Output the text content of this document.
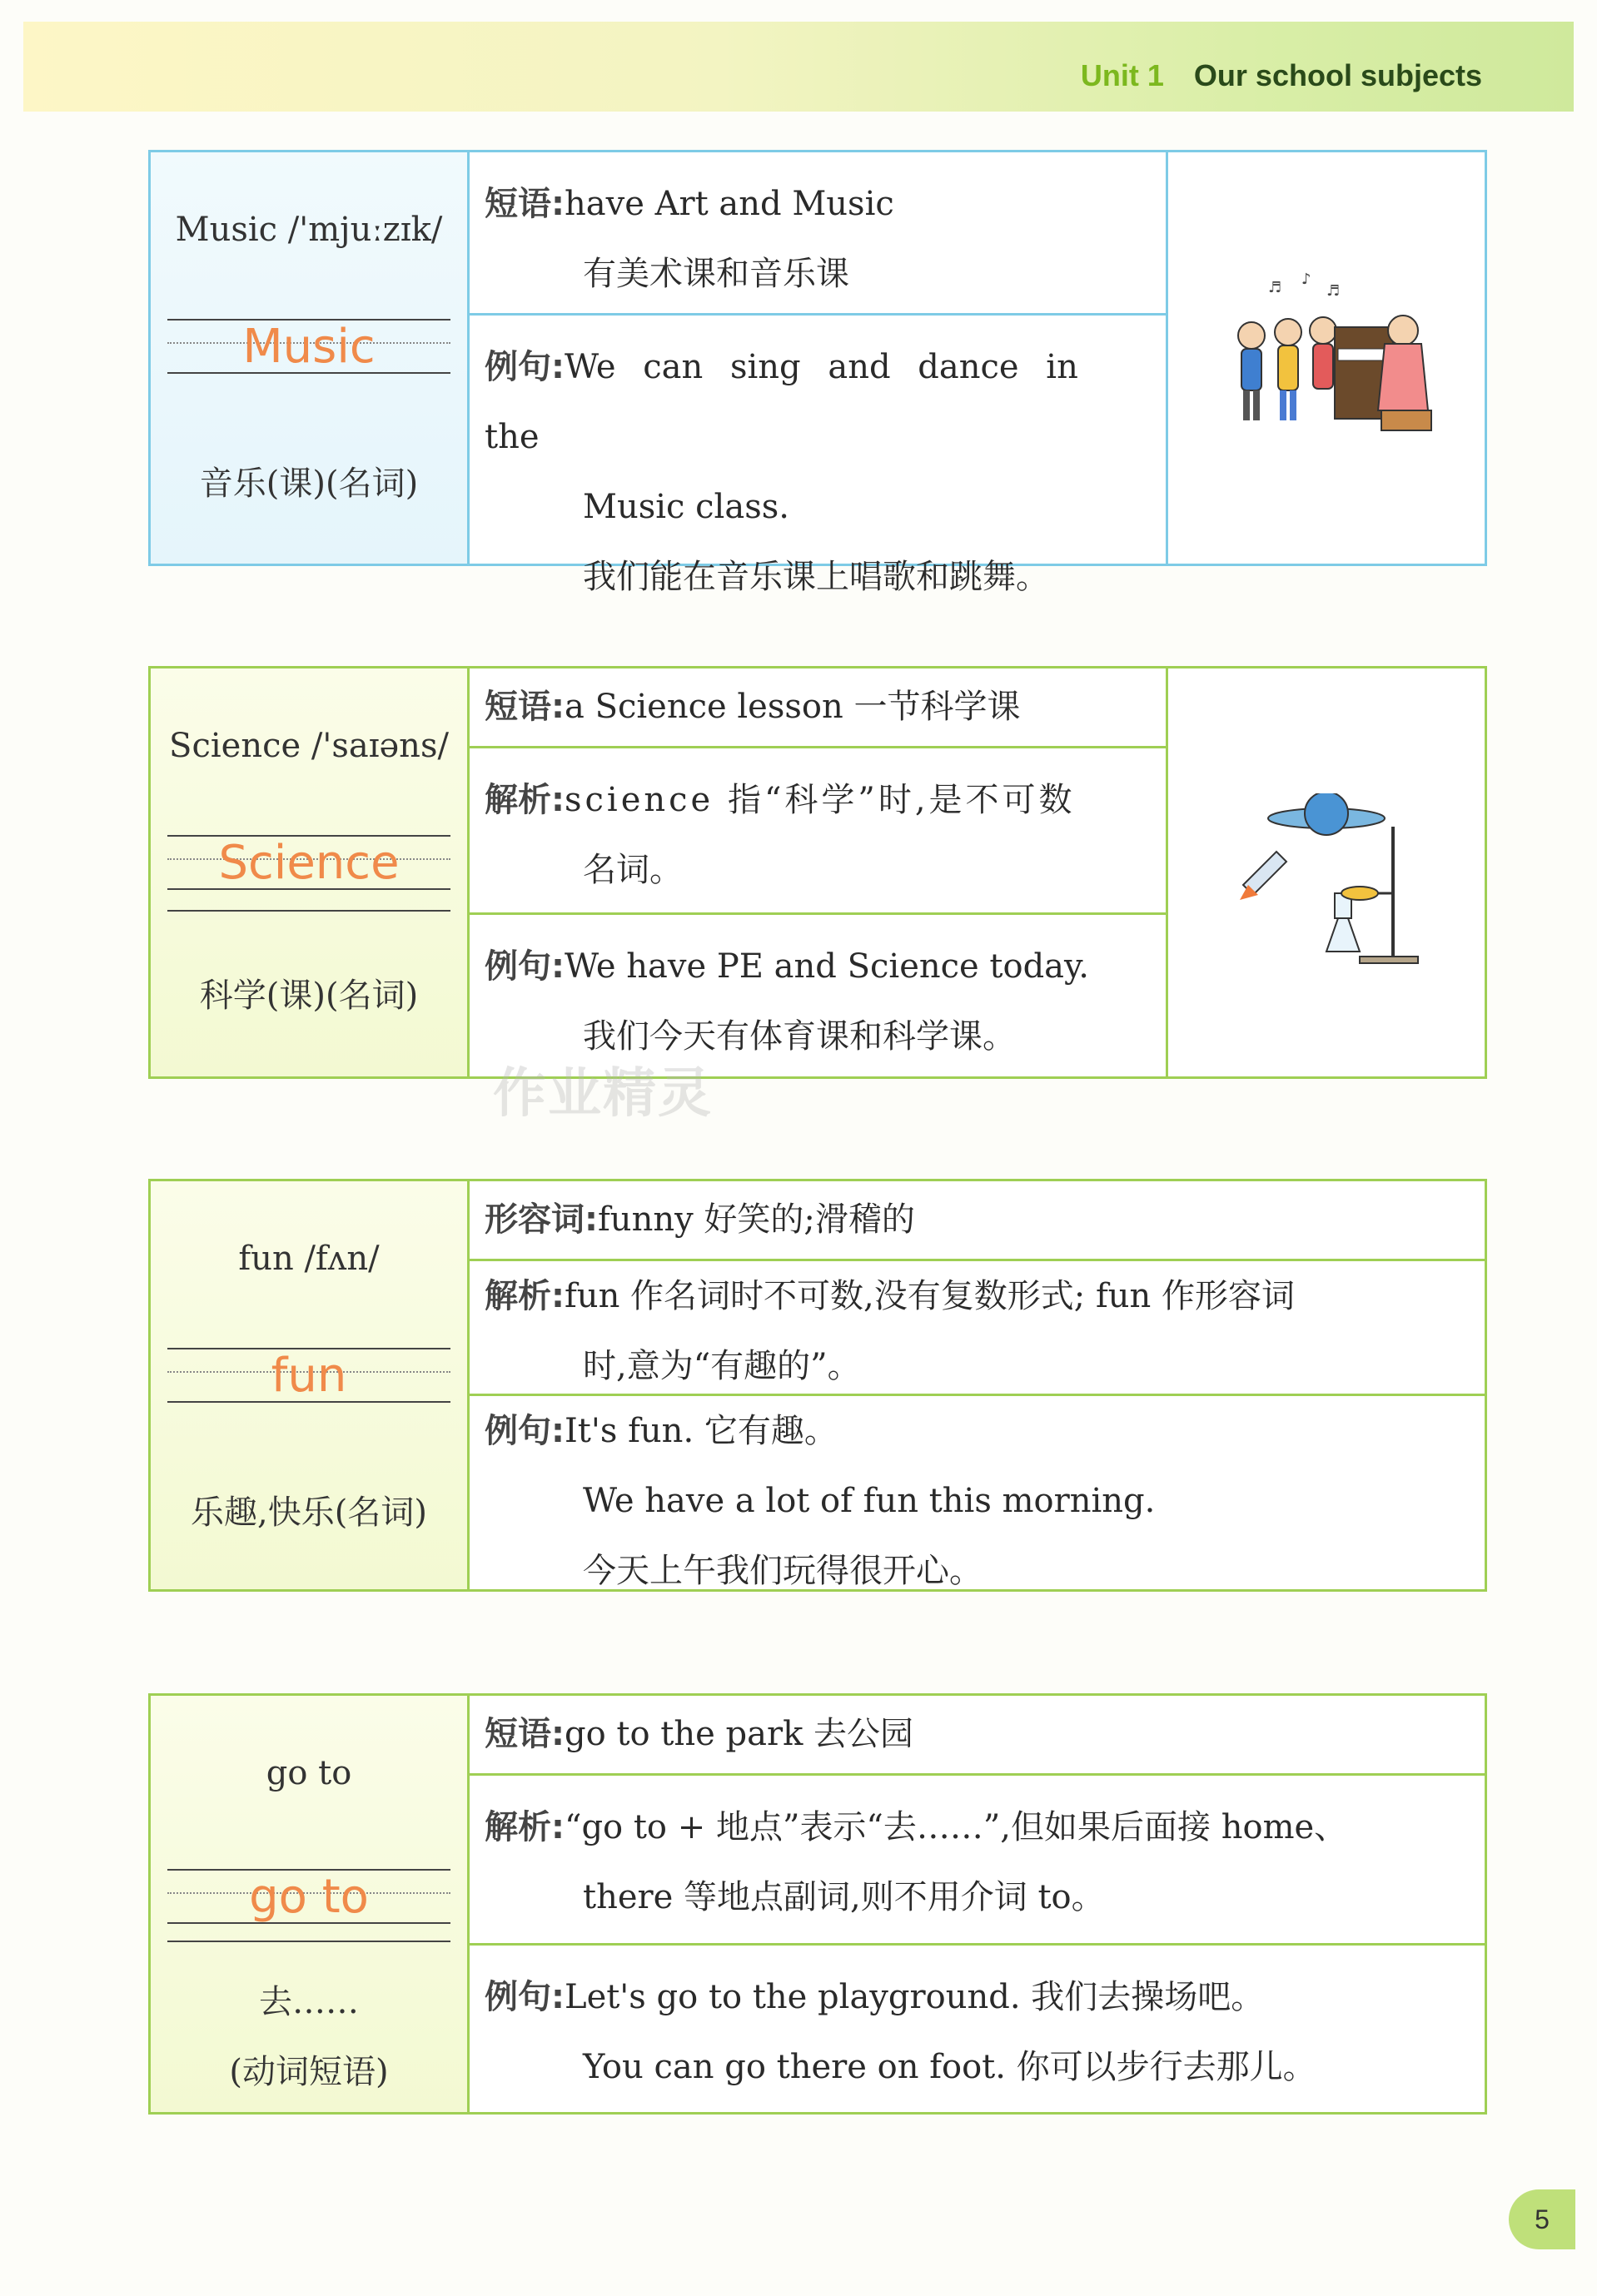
Unit 1 Our school subjects
Music /'mjuːzɪk/
Music
音乐(课)(名词)

短语:have Art and Music

有美术课和音乐课

例句:We can sing and dance in the

Music class.

我们能在音乐课上唱歌和跳舞。

♬ ♪
♬
Science /'saɪəns/
Science
科学(课)(名词)

短语:a Science lesson 一节科学课

解析:science 指“科学”时,是不可数

名词。

例句:We have PE and Science today.

我们今天有体育课和科学课。

作业精灵
fun /fʌn/
fun
乐趣,快乐(名词)

形容词:funny 好笑的;滑稽的

解析:fun 作名词时不可数,没有复数形式; fun 作形容词

时,意为“有趣的”。

例句:It's fun. 它有趣。

We have a lot of fun this morning.

今天上午我们玩得很开心。

go to
go to
去……
(动词短语)

短语:go to the park 去公园

解析:“go to + 地点”表示“去……”,但如果后面接 home、

there 等地点副词,则不用介词 to。

例句:Let's go to the playground. 我们去操场吧。

You can go there on foot. 你可以步行去那儿。

5
